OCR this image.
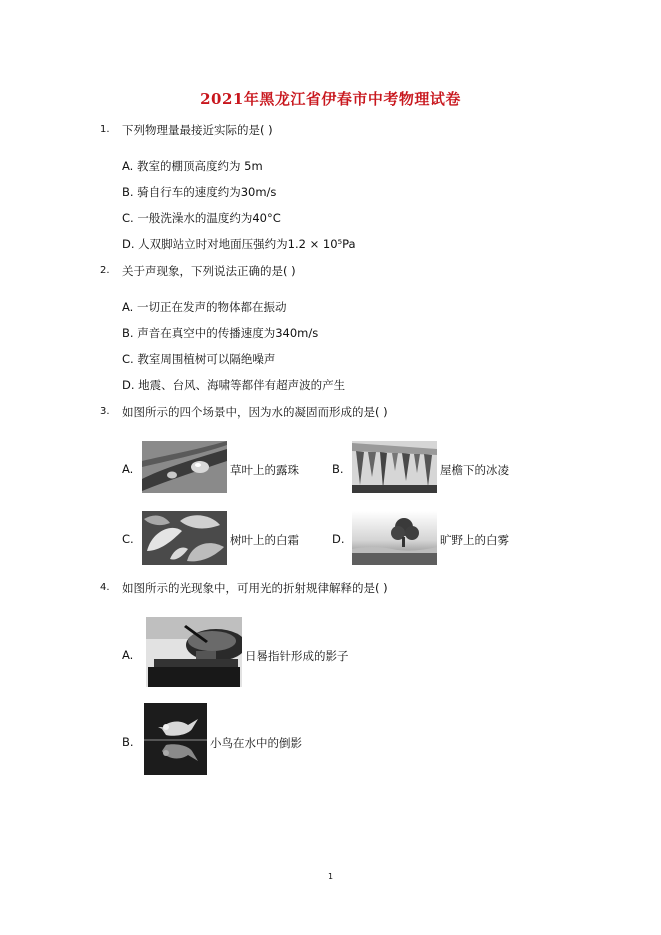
2021年黑龙江省伊春市中考物理试卷
1. 下列物理量最接近实际的是( )
A. 教室的棚顶高度约为 5m
B. 骑自行车的速度约为30m/s
C. 一般洗澡水的温度约为40°C
D. 人双脚站立时对地面压强约为1.2 × 10⁵Pa
2. 关于声现象，下列说法正确的是( )
A. 一切正在发声的物体都在振动
B. 声音在真空中的传播速度为340m/s
C. 教室周围植树可以隔绝噪声
D. 地震、台风、海啸等都伴有超声波的产生
3. 如图所示的四个场景中，因为水的凝固而形成的是( )
A.	草叶上的露珠	B.	屋檐下的冰凌
C.	树叶上的白霜	D.	旷野上的白雾
4. 如图所示的光现象中，可用光的折射规律解释的是( )
A.	日晷指针形成的影子
B.	小鸟在水中的倒影
1
